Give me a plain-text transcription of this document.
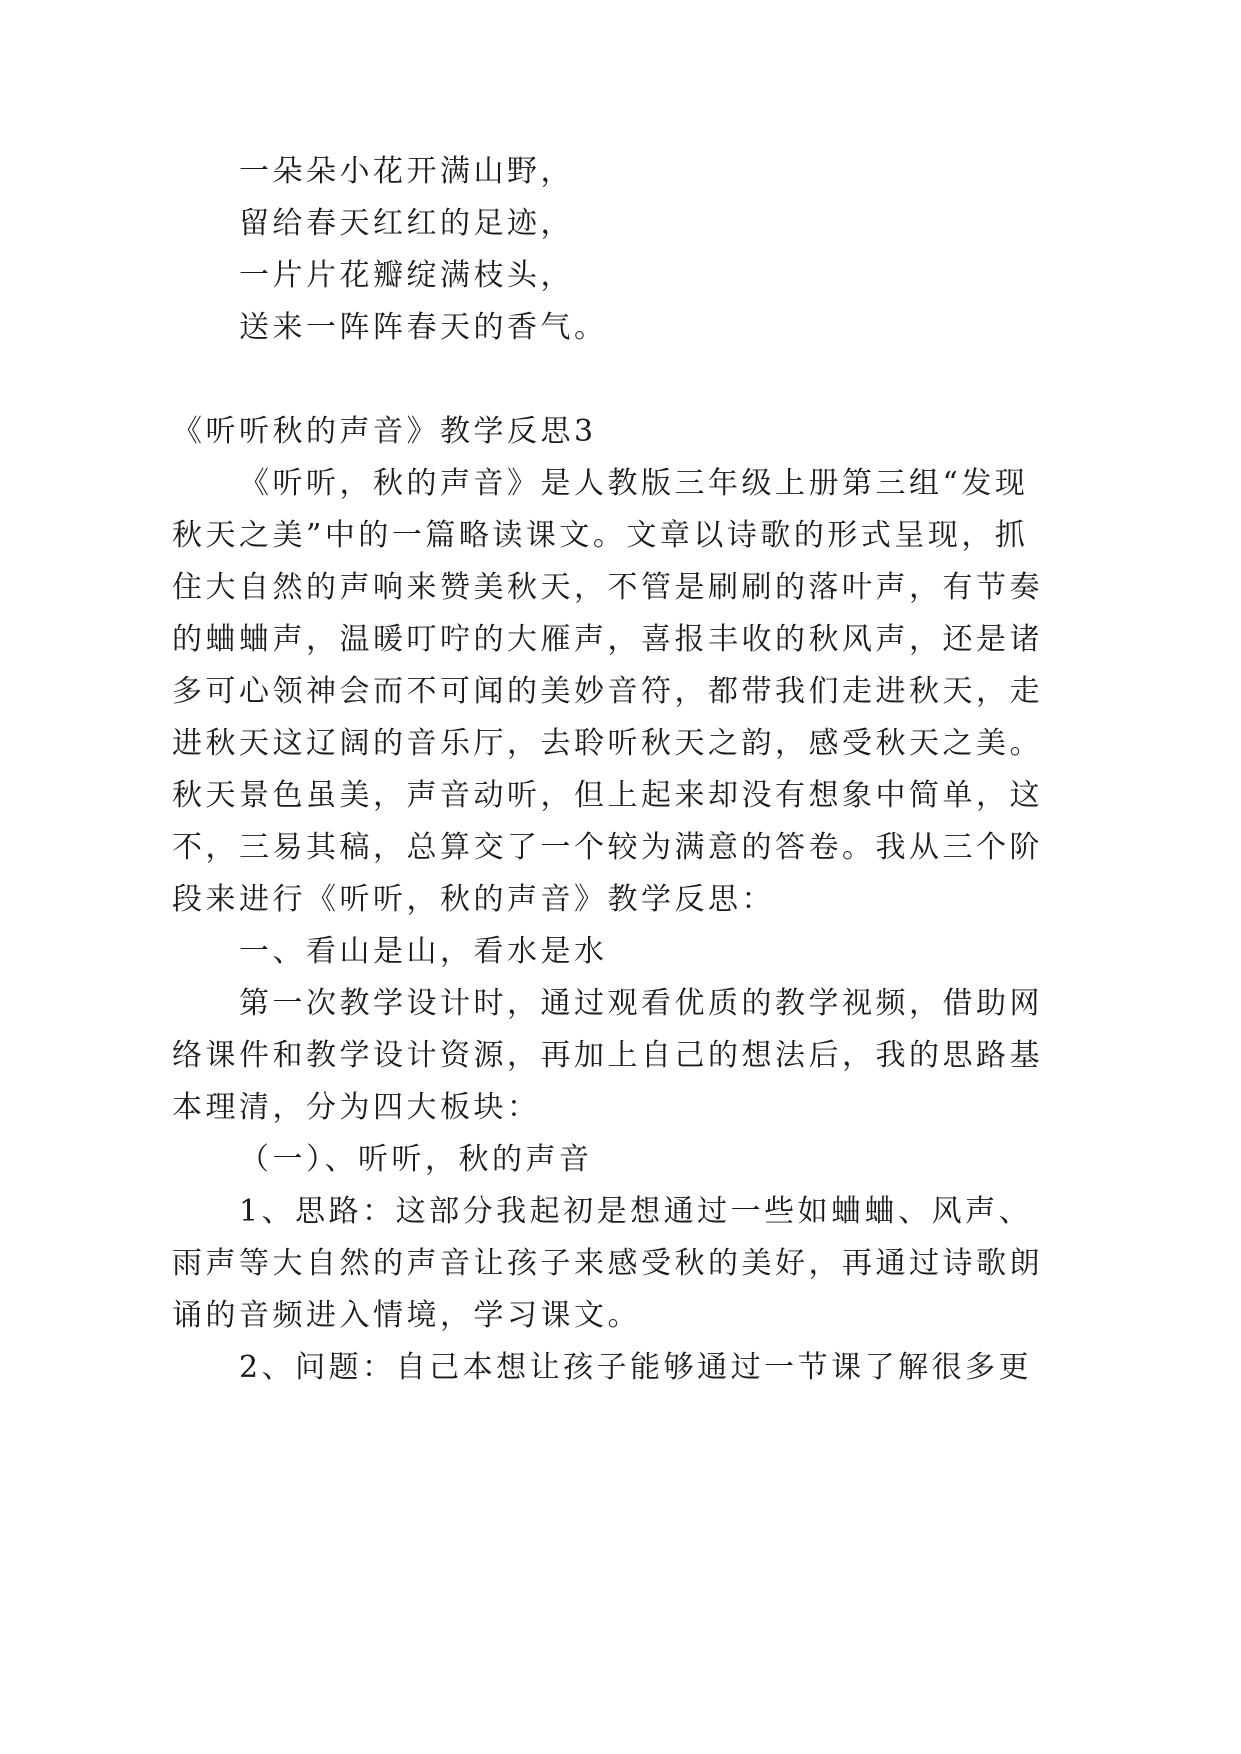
一朵朵小花开满山野，
留给春天红红的足迹，
一片片花瓣绽满枝头，
送来一阵阵春天的香气。
《听听秋的声音》教学反思3
《听听，秋的声音》是人教版三年级上册第三组“发现
秋天之美”中的一篇略读课文。文章以诗歌的形式呈现，抓
住大自然的声响来赞美秋天，不管是刷刷的落叶声，有节奏
的蛐蛐声，温暖叮咛的大雁声，喜报丰收的秋风声，还是诸
多可心领神会而不可闻的美妙音符，都带我们走进秋天，走
进秋天这辽阔的音乐厅，去聆听秋天之韵，感受秋天之美。
秋天景色虽美，声音动听，但上起来却没有想象中简单，这
不，三易其稿，总算交了一个较为满意的答卷。我从三个阶
段来进行《听听，秋的声音》教学反思：
一、看山是山，看水是水
第一次教学设计时，通过观看优质的教学视频，借助网
络课件和教学设计资源，再加上自己的想法后，我的思路基
本理清，分为四大板块：
（一）、听听，秋的声音
1、思路：这部分我起初是想通过一些如蛐蛐、风声、
雨声等大自然的声音让孩子来感受秋的美好，再通过诗歌朗
诵的音频进入情境，学习课文。
2、问题：自己本想让孩子能够通过一节课了解很多更
